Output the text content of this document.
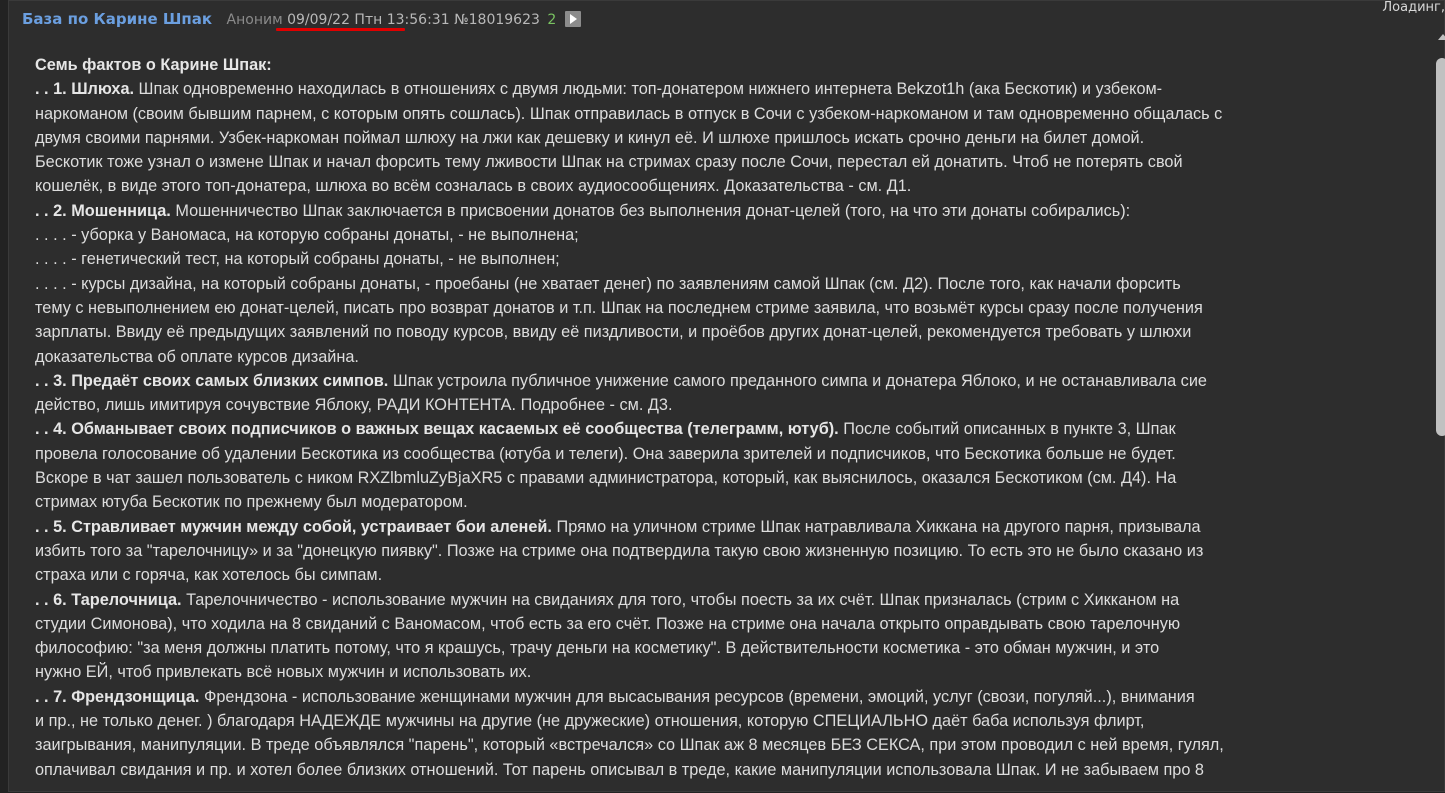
База по Карине Шпак Аноним 09/09/22 Птн 13:56:31 №18019623 2
Семь фактов о Карине Шпак:
. . 1. Шлюха. Шпак одновременно находилась в отношениях с двумя людьми: топ-донатером нижнего интернета Bekzot1h (ака Бескотик) и узбеком-
наркоманом (своим бывшим парнем, с которым опять сошлась). Шпак отправилась в отпуск в Сочи с узбеком-наркоманом и там одновременно общалась с
двумя своими парнями. Узбек-наркоман поймал шлюху на лжи как дешевку и кинул её. И шлюхе пришлось искать срочно деньги на билет домой.
Бескотик тоже узнал о измене Шпак и начал форсить тему лживости Шпак на стримах сразу после Сочи, перестал ей донатить. Чтоб не потерять свой
кошелёк, в виде этого топ-донатера, шлюха во всём созналась в своих аудиосообщениях. Доказательства - см. Д1.
. . 2. Мошенница. Мошенничество Шпак заключается в присвоении донатов без выполнения донат-целей (того, на что эти донаты собирались):
. . . . - уборка у Ваномаса, на которую собраны донаты, - не выполнена;
. . . . - генетический тест, на который собраны донаты, - не выполнен;
. . . . - курсы дизайна, на который собраны донаты, - проебаны (не хватает денег) по заявлениям самой Шпак (см. Д2). После того, как начали форсить
тему с невыполнением ею донат-целей, писать про возврат донатов и т.п. Шпак на последнем стриме заявила, что возьмёт курсы сразу после получения
зарплаты. Ввиду её предыдущих заявлений по поводу курсов, ввиду её пиздливости, и проёбов других донат-целей, рекомендуется требовать у шлюхи
доказательства об оплате курсов дизайна.
. . 3. Предаёт своих самых близких симпов. Шпак устроила публичное унижение самого преданного симпа и донатера Яблоко, и не останавливала сие
действо, лишь имитируя сочувствие Яблоку, РАДИ КОНТЕНТА. Подробнее - см. Д3.
. . 4. Обманывает своих подписчиков о важных вещах касаемых её сообщества (телеграмм, ютуб). После событий описанных в пункте 3, Шпак
провела голосование об удалении Бескотика из сообщества (ютубa и телеги). Она заверила зрителей и подписчиков, что Бескотика больше не будет.
Вскоре в чат зашел пользователь с ником RXZlbmluZyBjaXR5 с правами администратора, который, как выяснилось, оказался Бескотиком (см. Д4). На
стримах ютуба Бескотик по прежнему был модератором.
. . 5. Стравливает мужчин между собой, устраивает бои аленей. Прямо на уличном стриме Шпак натравливала Хиккана на другого парня, призывала
избить того за "тарелочницу» и за "донецкую пиявку". Позже на стриме она подтвердила такую свою жизненную позицию. То есть это не было сказано из
страха или с горяча, как хотелось бы симпам.
. . 6. Тарелочница. Тарелочничество - использование мужчин на свиданиях для того, чтобы поесть за их счёт. Шпак призналась (стрим с Хикканом на
студии Симонова), что ходила на 8 свиданий с Ваномасом, чтоб есть за его счёт. Позже на стриме она начала открыто оправдывать свою тарелочную
философию: "за меня должны платить потому, что я крашусь, трачу деньги на косметику". В действительности косметика - это обман мужчин, и это
нужно ЕЙ, чтоб привлекать всё новых мужчин и использовать их.
. . 7. Френдзонщица. Френдзона - использование женщинами мужчин для высасывания ресурсов (времени, эмоций, услуг (свози, погуляй...), внимания
и пр., не только денег. ) благодаря НАДЕЖДЕ мужчины на другие (не дружеские) отношения, которую СПЕЦИАЛЬНО даёт баба используя флирт,
заигрывания, манипуляции. В треде объявлялся "парень", который «встречался» со Шпак аж 8 месяцев БЕЗ СЕКСА, при этом проводил с ней время, гулял,
оплачивал свидания и пр. и хотел более близких отношений. Тот парень описывал в треде, какие манипуляции использовала Шпак. И не забываем про 8
Лоадинг,
